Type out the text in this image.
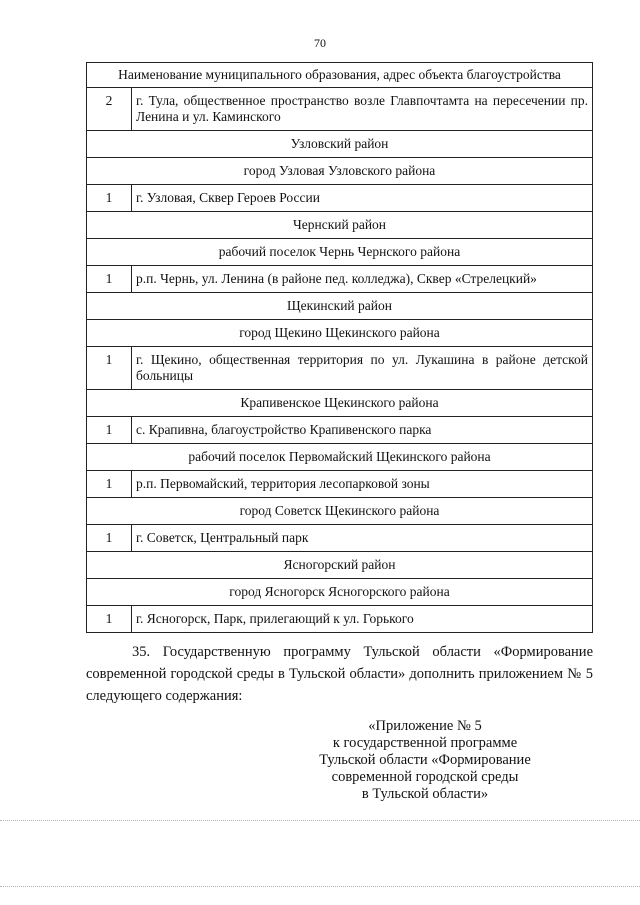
70
Наименование муниципального образования, адрес объекта благоустройства	
2	г. Тула, общественное пространство возле Главпочтамта на пересечении пр. Ленина и ул. Каминского
Узловский район	
город Узловая Узловского района	
1	г. Узловая, Сквер Героев России
Чернский район	
рабочий поселок Чернь Чернского района	
1	р.п. Чернь, ул. Ленина (в районе пед. колледжа), Сквер «Стрелецкий»
Щекинский район	
город Щекино Щекинского района	
1	г. Щекино, общественная территория по ул. Лукашина в районе детской больницы
Крапивенское Щекинского района	
1	с. Крапивна, благоустройство Крапивенского парка
рабочий поселок Первомайский Щекинского района	
1	р.п. Первомайский, территория лесопарковой зоны
город Советск Щекинского района	
1	г. Советск, Центральный парк
Ясногорский район	
город Ясногорск Ясногорского района	
1	г. Ясногорск, Парк, прилегающий к ул. Горького
35. Государственную программу Тульской области «Формирование современной городской среды в Тульской области» дополнить приложением № 5 следующего содержания:
«Приложение № 5
к государственной программе
Тульской области «Формирование
современной городской среды
в Тульской области»
